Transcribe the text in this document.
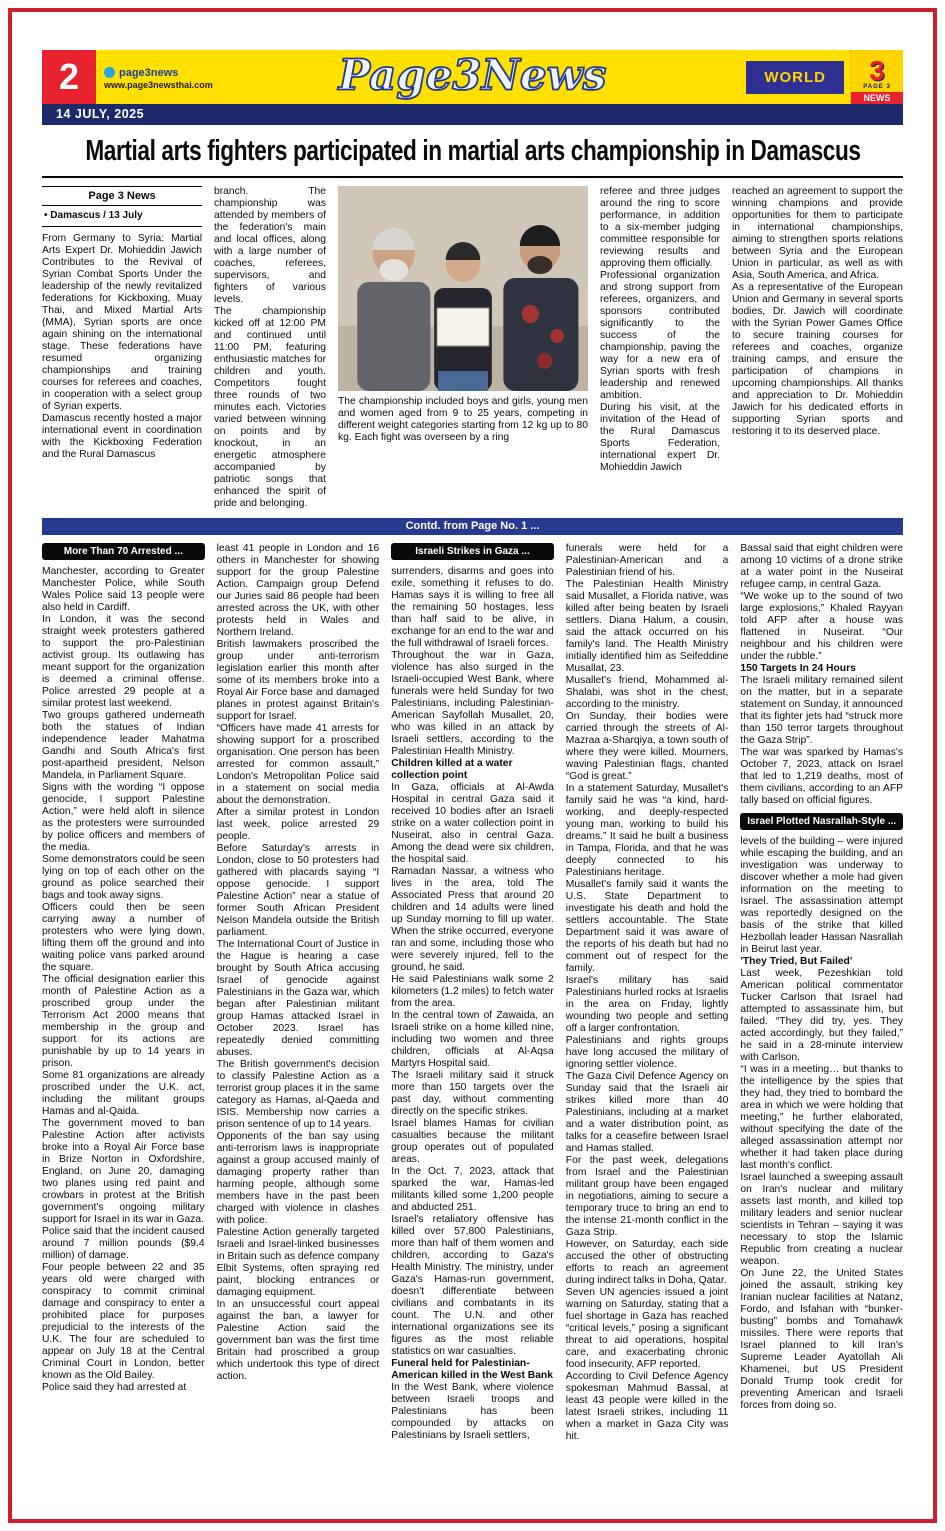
2	page3news
www.page3newsthai.com	Page3News	WORLD	3
PAGE 3
NEWS
14 JULY, 2025
Martial arts fighters participated in martial arts championship in Damascus
Page 3 News
• Damascus / 13 July

From Germany to Syria: Martial Arts Expert Dr. Mohieddin Jawich Contributes to the Revival of Syrian Combat Sports Under the leadership of the newly revitalized federations for Kickboxing, Muay Thai, and Mixed Martial Arts (MMA), Syrian sports are once again shining on the international stage. These federations have resumed organizing championships and training courses for referees and coaches, in cooperation with a select group of Syrian experts.

Damascus recently hosted a major international event in coordination with the Kickboxing Federation and the Rural Damascus

branch. The championship was attended by members of the federation's main and local offices, along with a large number of coaches, referees, supervisors, and fighters of various levels.

The championship kicked off at 12:00 PM and continued until 11:00 PM, featuring enthusiastic matches for children and youth. Competitors fought three rounds of two minutes each. Victories varied between winning on points and by knockout, in an energetic atmosphere accompanied by patriotic songs that enhanced the spirit of pride and belonging.

The championship included boys and girls, young men and women aged from 9 to 25 years, competing in different weight categories starting from 12 kg up to 80 kg. Each fight was overseen by a ring

referee and three judges around the ring to score performance, in addition to a six-member judging committee responsible for reviewing results and approving them officially.

Professional organization and strong support from referees, organizers, and sponsors contributed significantly to the success of the championship, paving the way for a new era of Syrian sports with fresh leadership and renewed ambition.

During his visit, at the invitation of the Head of the Rural Damascus Sports Federation, international expert Dr. Mohieddin Jawich

reached an agreement to support the winning champions and provide opportunities for them to participate in international championships, aiming to strengthen sports relations between Syria and the European Union in particular, as well as with Asia, South America, and Africa.

As a representative of the European Union and Germany in several sports bodies, Dr. Jawich will coordinate with the Syrian Power Games Office to secure training courses for referees and coaches, organize training camps, and ensure the participation of champions in upcoming championships. All thanks and appreciation to Dr. Mohieddin Jawich for his dedicated efforts in supporting Syrian sports and restoring it to its deserved place.

Contd. from Page No. 1 ...
More Than 70 Arrested ...

Manchester, according to Greater Manchester Police, while South Wales Police said 13 people were also held in Cardiff.

In London, it was the second straight week protesters gathered to support the pro-Palestinian activist group. Its outlawing has meant support for the organization is deemed a criminal offense. Police arrested 29 people at a similar protest last weekend.

Two groups gathered underneath both the statues of Indian independence leader Mahatma Gandhi and South Africa's first post-apartheid president, Nelson Mandela, in Parliament Square.

Signs with the wording “I oppose genocide, I support Palestine Action,” were held aloft in silence as the protesters were surrounded by police officers and members of the media.

Some demonstrators could be seen lying on top of each other on the ground as police searched their bags and took away signs.

Officers could then be seen carrying away a number of protesters who were lying down, lifting them off the ground and into waiting police vans parked around the square.

The official designation earlier this month of Palestine Action as a proscribed group under the Terrorism Act 2000 means that membership in the group and support for its actions are punishable by up to 14 years in prison.

Some 81 organizations are already proscribed under the U.K. act, including the militant groups Hamas and al-Qaida.

The government moved to ban Palestine Action after activists broke into a Royal Air Force base in Brize Norton in Oxfordshire, England, on June 20, damaging two planes using red paint and crowbars in protest at the British government's ongoing military support for Israel in its war in Gaza.

Police said that the incident caused around 7 million pounds ($9.4 million) of damage.

Four people between 22 and 35 years old were charged with conspiracy to commit criminal damage and conspiracy to enter a prohibited place for purposes prejudicial to the interests of the U.K. The four are scheduled to appear on July 18 at the Central Criminal Court in London, better known as the Old Bailey.

Police said they had arrested at

least 41 people in London and 16 others in Manchester for showing support for the group Palestine Action. Campaign group Defend our Juries said 86 people had been arrested across the UK, with other protests held in Wales and Northern Ireland.

British lawmakers proscribed the group under anti-terrorism legislation earlier this month after some of its members broke into a Royal Air Force base and damaged planes in protest against Britain's support for Israel.

“Officers have made 41 arrests for showing support for a proscribed organisation. One person has been arrested for common assault,” London's Metropolitan Police said in a statement on social media about the demonstration.

After a similar protest in London last week, police arrested 29 people.

Before Saturday's arrests in London, close to 50 protesters had gathered with placards saying “I oppose genocide. I support Palestine Action” near a statue of former South African President Nelson Mandela outside the British parliament.

The International Court of Justice in the Hague is hearing a case brought by South Africa accusing Israel of genocide against Palestinians in the Gaza war, which began after Palestinian militant group Hamas attacked Israel in October 2023. Israel has repeatedly denied committing abuses.

The British government's decision to classify Palestine Action as a terrorist group places it in the same category as Hamas, al-Qaeda and ISIS. Membership now carries a prison sentence of up to 14 years.

Opponents of the ban say using anti-terrorism laws is inappropriate against a group accused mainly of damaging property rather than harming people, although some members have in the past been charged with violence in clashes with police.

Palestine Action generally targeted Israeli and Israel-linked businesses in Britain such as defence company Elbit Systems, often spraying red paint, blocking entrances or damaging equipment.

In an unsuccessful court appeal against the ban, a lawyer for Palestine Action said the government ban was the first time Britain had proscribed a group which undertook this type of direct action.

Israeli Strikes in Gaza ...

surrenders, disarms and goes into exile, something it refuses to do. Hamas says it is willing to free all the remaining 50 hostages, less than half said to be alive, in exchange for an end to the war and the full withdrawal of Israeli forces.

Throughout the war in Gaza, violence has also surged in the Israeli-occupied West Bank, where funerals were held Sunday for two Palestinians, including Palestinian-American Sayfollah Musallet, 20, who was killed in an attack by Israeli settlers, according to the Palestinian Health Ministry.

Children killed at a water collection point

In Gaza, officials at Al-Awda Hospital in central Gaza said it received 10 bodies after an Israeli strike on a water collection point in Nuseirat, also in central Gaza. Among the dead were six children, the hospital said.

Ramadan Nassar, a witness who lives in the area, told The Associated Press that around 20 children and 14 adults were lined up Sunday morning to fill up water. When the strike occurred, everyone ran and some, including those who were severely injured, fell to the ground, he said.

He said Palestinians walk some 2 kilometers (1.2 miles) to fetch water from the area.

In the central town of Zawaida, an Israeli strike on a home killed nine, including two women and three children, officials at Al-Aqsa Martyrs Hospital said.

The Israeli military said it struck more than 150 targets over the past day, without commenting directly on the specific strikes.

Israel blames Hamas for civilian casualties because the militant group operates out of populated areas.

In the Oct. 7, 2023, attack that sparked the war, Hamas-led militants killed some 1,200 people and abducted 251.

Israel's retaliatory offensive has killed over 57,800 Palestinians, more than half of them women and children, according to Gaza's Health Ministry. The ministry, under Gaza's Hamas-run government, doesn't differentiate between civilians and combatants in its count. The U.N. and other international organizations see its figures as the most reliable statistics on war casualties.

Funeral held for Palestinian-American killed in the West Bank

In the West Bank, where violence between Israeli troops and Palestinians has been compounded by attacks on Palestinians by Israeli settlers,

funerals were held for a Palestinian-American and a Palestinian friend of his.

The Palestinian Health Ministry said Musallet, a Florida native, was killed after being beaten by Israeli settlers. Diana Halum, a cousin, said the attack occurred on his family's land. The Health Ministry initially identified him as Seifeddine Musallat, 23.

Musallet's friend, Mohammed al-Shalabi, was shot in the chest, according to the ministry.

On Sunday, their bodies were carried through the streets of Al-Mazraa a-Sharqiya, a town south of where they were killed. Mourners, waving Palestinian flags, chanted “God is great.”

In a statement Saturday, Musallet's family said he was “a kind, hard-working, and deeply-respected young man, working to build his dreams.” It said he built a business in Tampa, Florida, and that he was deeply connected to his Palestinians heritage.

Musallet's family said it wants the U.S. State Department to investigate his death and hold the settlers accountable. The State Department said it was aware of the reports of his death but had no comment out of respect for the family.

Israel's military has said Palestinians hurled rocks at Israelis in the area on Friday, lightly wounding two people and setting off a larger confrontation.

Palestinians and rights groups have long accused the military of ignoring settler violence.

The Gaza Civil Defence Agency on Sunday said that the Israeli air strikes killed more than 40 Palestinians, including at a market and a water distribution point, as talks for a ceasefire between Israel and Hamas stalled.

For the past week, delegations from Israel and the Palestinian militant group have been engaged in negotiations, aiming to secure a temporary truce to bring an end to the intense 21-month conflict in the Gaza Strip.

However, on Saturday, each side accused the other of obstructing efforts to reach an agreement during indirect talks in Doha, Qatar.

Seven UN agencies issued a joint warning on Saturday, stating that a fuel shortage in Gaza has reached “critical levels,” posing a significant threat to aid operations, hospital care, and exacerbating chronic food insecurity, AFP reported.

According to Civil Defence Agency spokesman Mahmud Bassal, at least 43 people were killed in the latest Israeli strikes, including 11 when a market in Gaza City was hit.

Bassal said that eight children were among 10 victims of a drone strike at a water point in the Nuseirat refugee camp, in central Gaza.

“We woke up to the sound of two large explosions,” Khaled Rayyan told AFP after a house was flattened in Nuseirat. “Our neighbour and his children were under the rubble.”

150 Targets In 24 Hours

The Israeli military remained silent on the matter, but in a separate statement on Sunday, it announced that its fighter jets had “struck more than 150 terror targets throughout the Gaza Strip”.

The war was sparked by Hamas's October 7, 2023, attack on Israel that led to 1,219 deaths, most of them civilians, according to an AFP tally based on official figures.

Israel Plotted Nasrallah-Style ...

levels of the building – were injured while escaping the building, and an investigation was underway to discover whether a mole had given information on the meeting to Israel. The assassination attempt was reportedly designed on the basis of the strike that killed Hezbollah leader Hassan Nasrallah in Beirut last year.

'They Tried, But Failed'

Last week, Pezeshkian told American political commentator Tucker Carlson that Israel had attempted to assassinate him, but failed. “They did try, yes. They acted accordingly, but they failed,” he said in a 28-minute interview with Carlson.

“I was in a meeting… but thanks to the intelligence by the spies that they had, they tried to bombard the area in which we were holding that meeting,” he further elaborated, without specifying the date of the alleged assassination attempt nor whether it had taken place during last month's conflict.

Israel launched a sweeping assault on Iran's nuclear and military assets last month, and killed top military leaders and senior nuclear scientists in Tehran – saying it was necessary to stop the Islamic Republic from creating a nuclear weapon.

On June 22, the United States joined the assault, striking key Iranian nuclear facilities at Natanz, Fordo, and Isfahan with “bunker-busting” bombs and Tomahawk missiles. There were reports that Israel planned to kill Iran's Supreme Leader Ayatollah Ali Khamenei, but US President Donald Trump took credit for preventing American and Israeli forces from doing so.
